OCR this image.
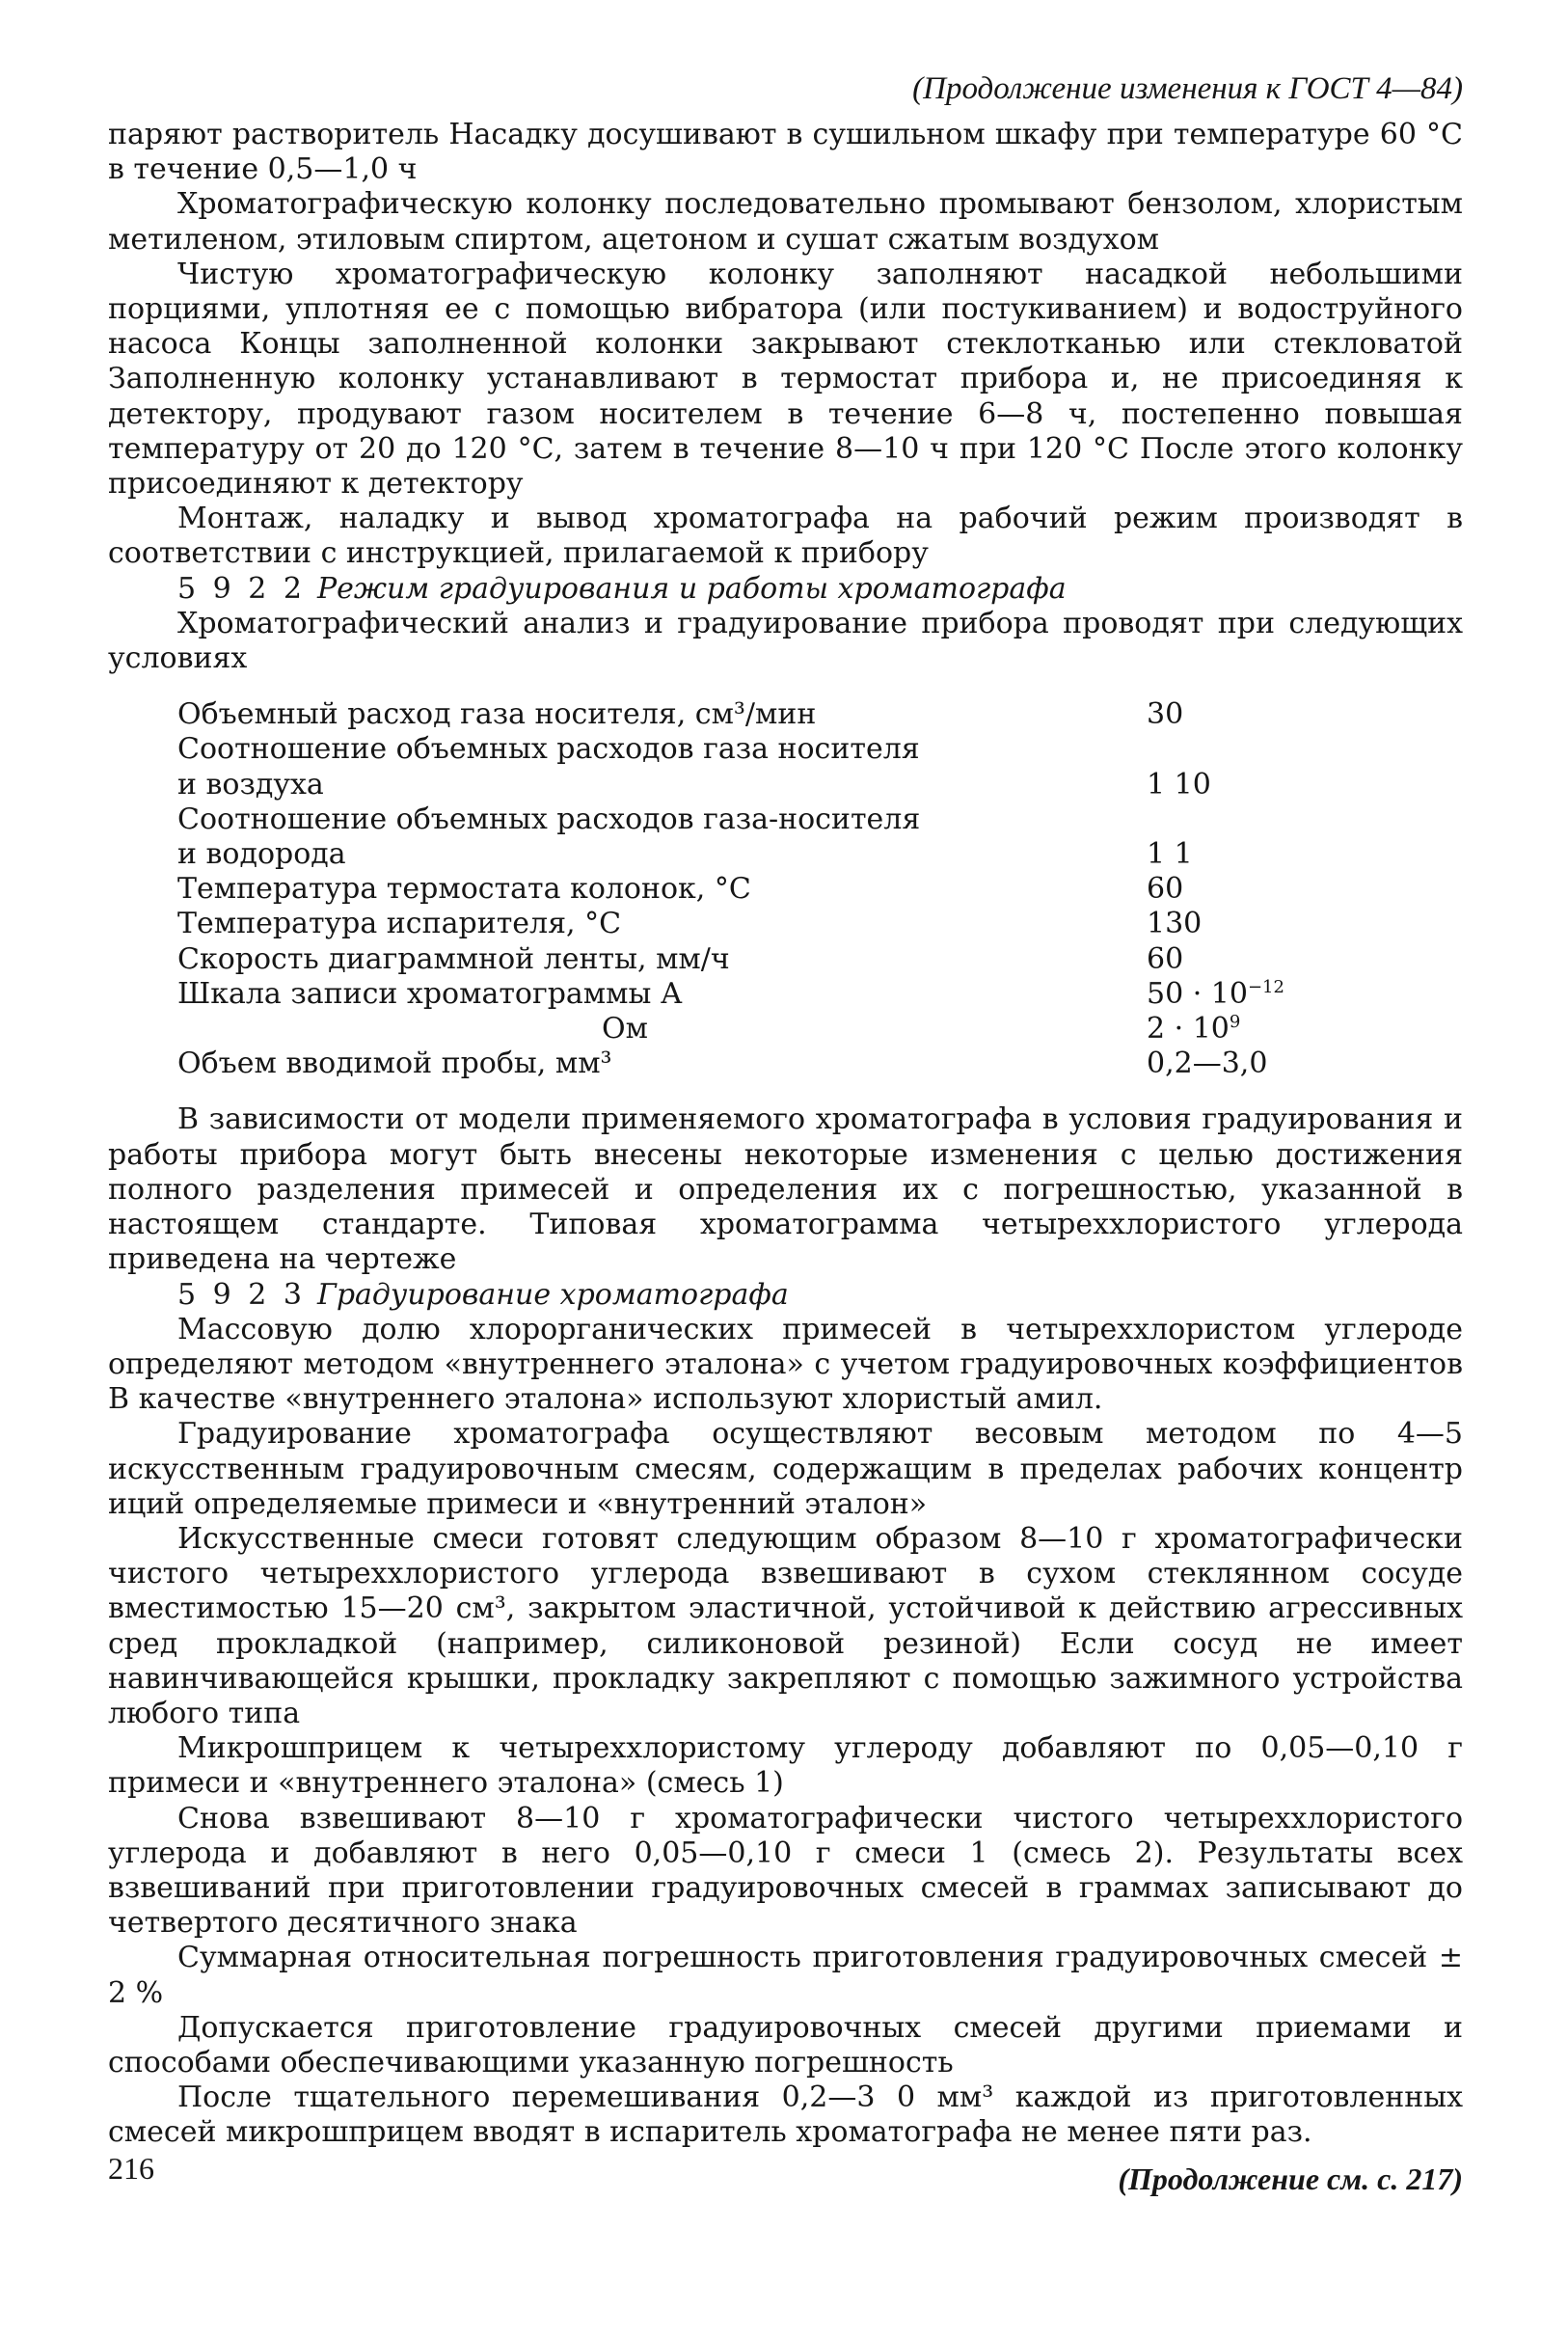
(Продолжение изменения к ГОСТ 4—84)

паряют растворитель Насадку досушивают в сушильном шкафу при температуре 60 °С в течение 0,5—1,0 ч

Хроматографическую колонку последовательно промывают бензолом, хлористым метиленом, этиловым спиртом, ацетоном и сушат сжатым воздухом

Чистую хроматографическую колонку заполняют насадкой небольшими порциями, уплотняя ее с помощью вибратора (или постукиванием) и водоструйного насоса Концы заполненной колонки закрывают стеклотканью или стекловатой Заполненную колонку устанавливают в термостат прибора и, не присоединяя к детектору, продувают газом носителем в течение 6—8 ч, постепенно повышая температуру от 20 до 120 °С, затем в течение 8—10 ч при 120 °С После этого колонку присоединяют к детектору

Монтаж, наладку и вывод хроматографа на рабочий режим производят в соответствии с инструкцией, прилагаемой к прибору

5 9 2 2 Режим градуирования и работы хроматографа

Хроматографический анализ и градуирование прибора проводят при следующих условиях

Объемный расход газа носителя, см³/мин	30
Соотношение объемных расходов газа носителя
и воздуха	1 10
Соотношение объемных расходов газа-носителя
и водорода	1 1
Температура термостата колонок, °С	60
Температура испарителя, °С	130
Скорость диаграммной ленты, мм/ч	60
Шкала записи хроматограммы А	$50 \cdot 10^{-12}$
Ом	$2 \cdot 10^9$
Объем вводимой пробы, мм³	0,2—3,0

В зависимости от модели применяемого хроматографа в условия градуирования и работы прибора могут быть внесены некоторые изменения с целью достижения полного разделения примесей и определения их с погрешностью, указанной в настоящем стандарте. Типовая хроматограмма четыреххлористого углерода приведена на чертеже

5 9 2 3 Градуирование хроматографа

Массовую долю хлорорганических примесей в четыреххлористом углероде определяют методом «внутреннего эталона» с учетом градуировочных коэффициентов В качестве «внутреннего эталона» используют хлористый амил.

Градуирование хроматографа осуществляют весовым методом по 4—5 искусственным градуировочным смесям, содержащим в пределах рабочих концентр иций определяемые примеси и «внутренний эталон»

Искусственные смеси готовят следующим образом 8—10 г хроматографически чистого четыреххлористого углерода взвешивают в сухом стеклянном сосуде вместимостью 15—20 см³, закрытом эластичной, устойчивой к действию агрессивных сред прокладкой (например, силиконовой резиной) Если сосуд не имеет навинчивающейся крышки, прокладку закрепляют с помощью зажимного устройства любого типа

Микрошприцем к четыреххлористому углероду добавляют по 0,05—0,10 г примеси и «внутреннего эталона» (смесь 1)

Снова взвешивают 8—10 г хроматографически чистого четыреххлористого углерода и добавляют в него 0,05—0,10 г смеси 1 (смесь 2). Результаты всех взвешиваний при приготовлении градуировочных смесей в граммах записывают до четвертого десятичного знака

Суммарная относительная погрешность приготовления градуировочных смесей ± 2 %

Допускается приготовление градуировочных смесей другими приемами и способами обеспечивающими указанную погрешность

После тщательного перемешивания 0,2—3 0 мм³ каждой из приготовленных смесей микрошприцем вводят в испаритель хроматографа не менее пяти раз.

(Продолжение см. с. 217)
216
